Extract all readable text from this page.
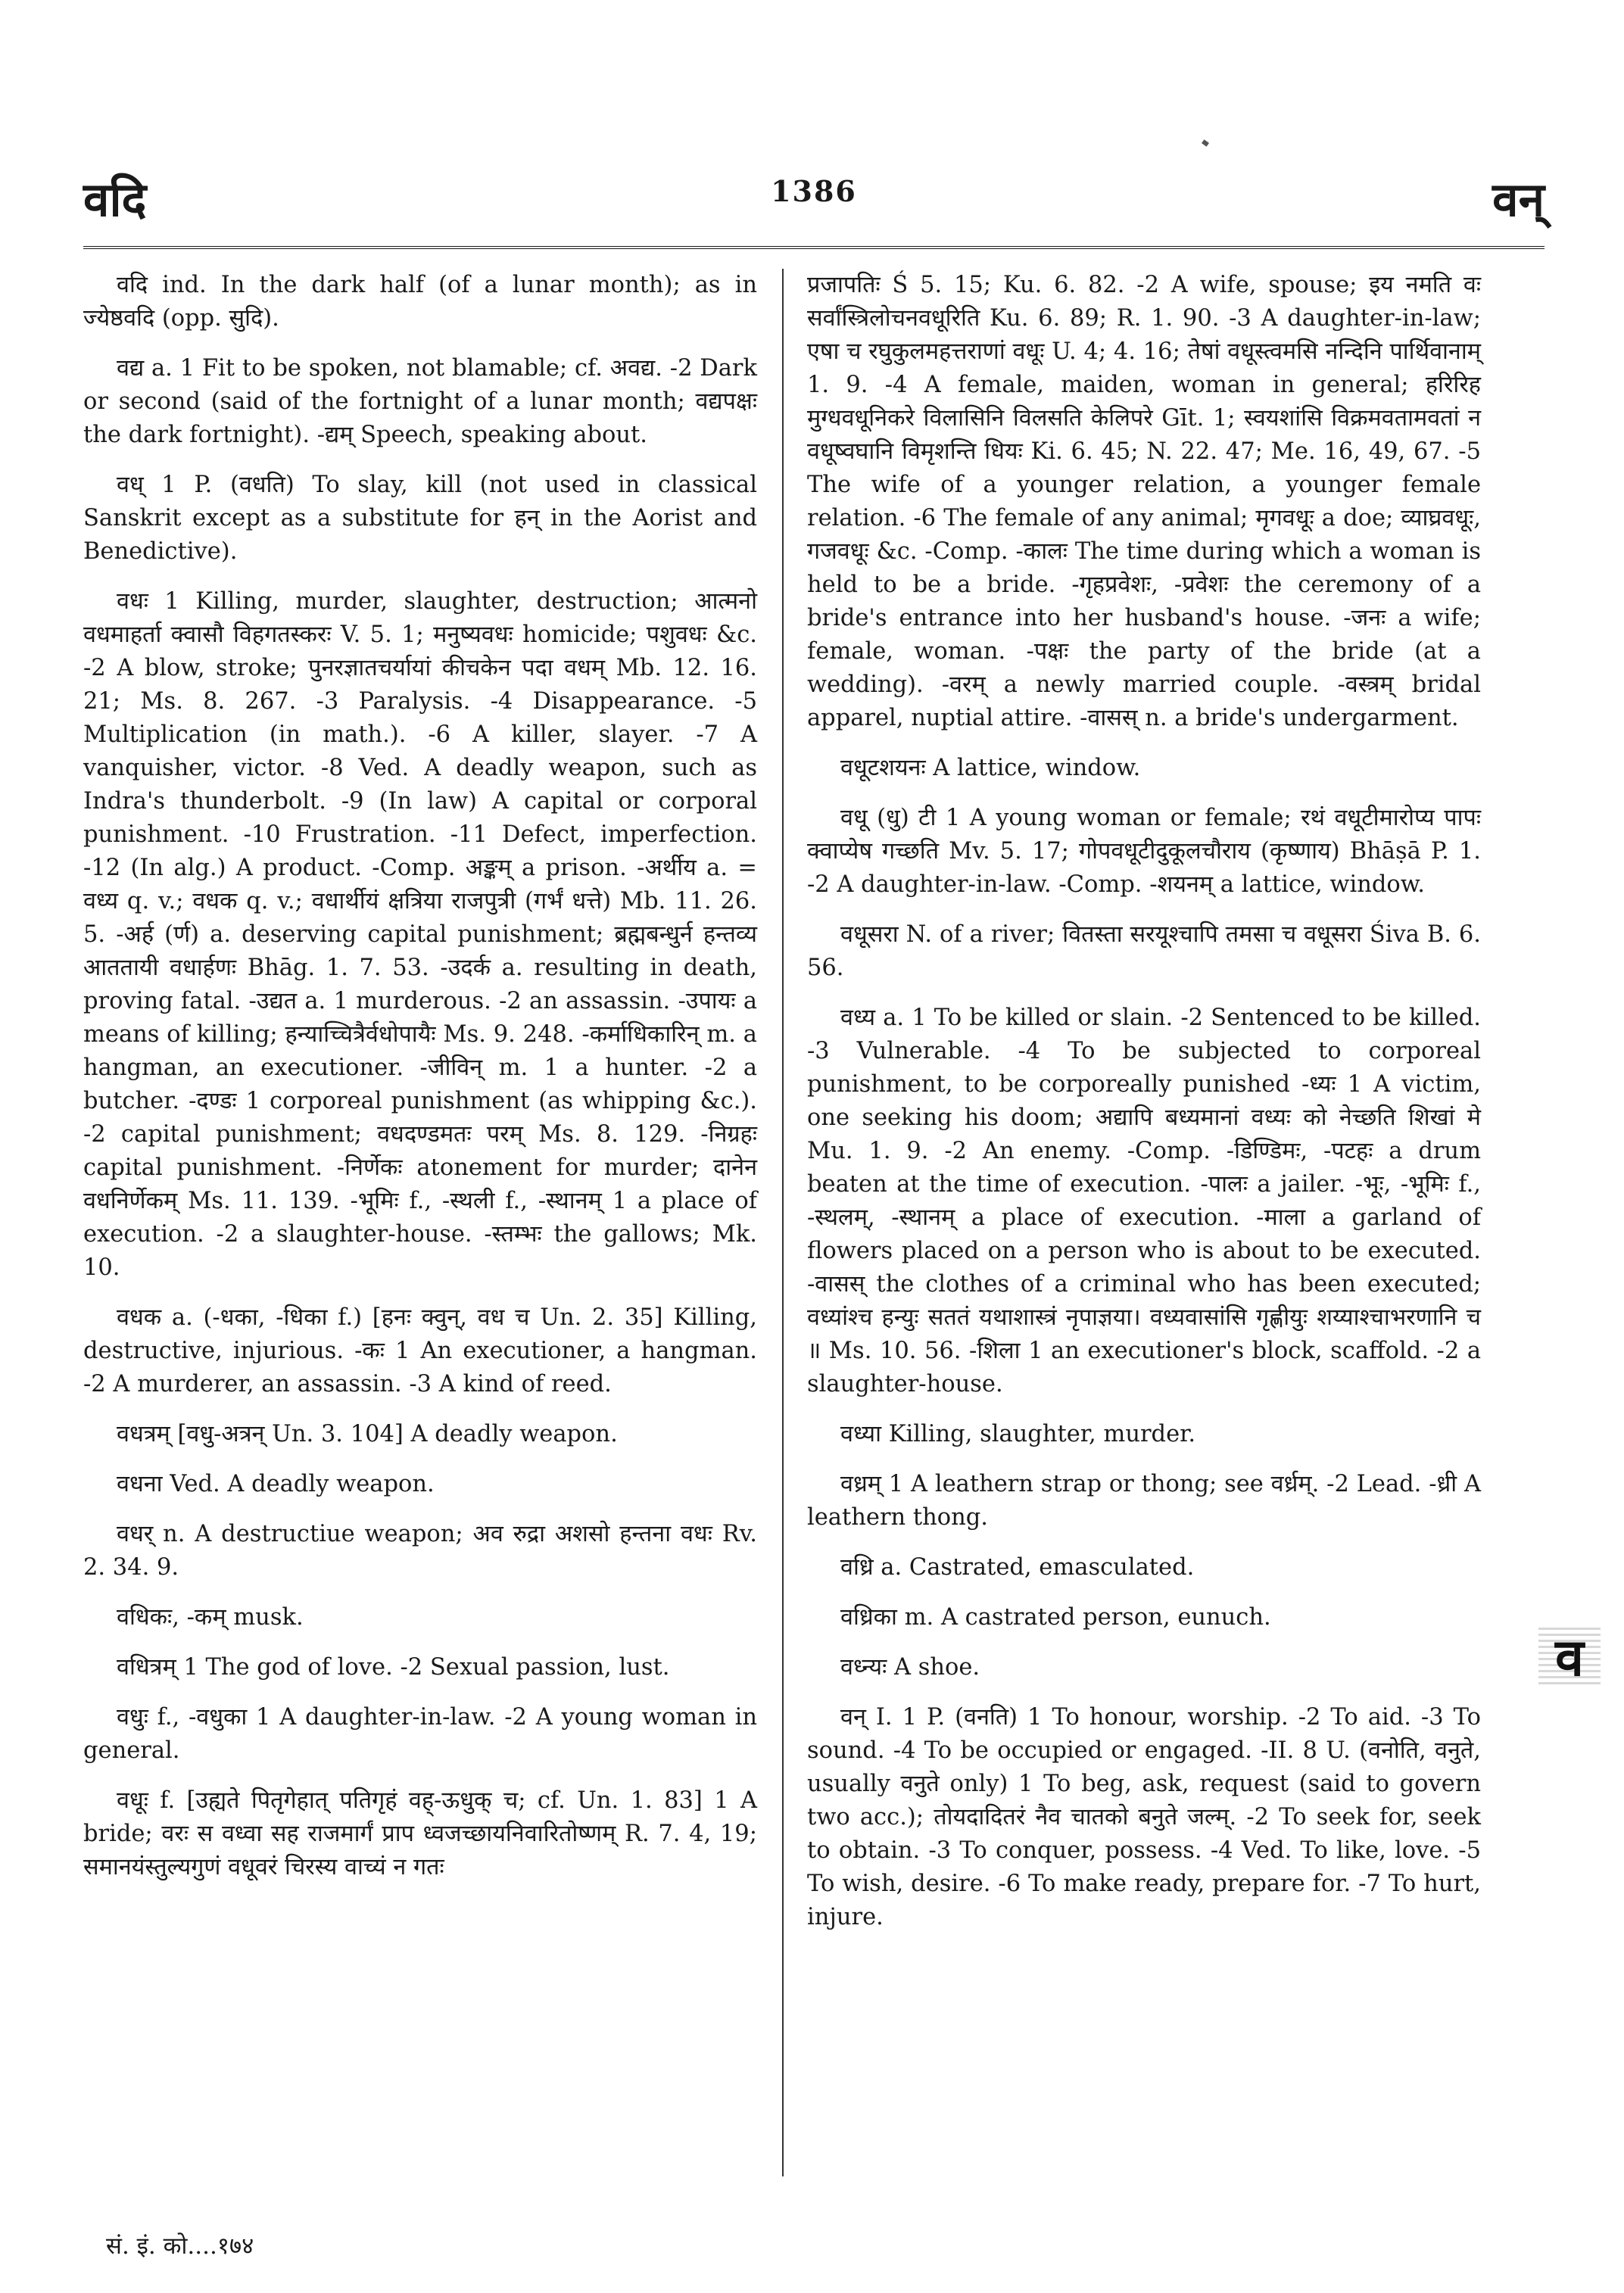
वदि	1386	वन्

वदि ind. In the dark half (of a lunar month); as in ज्येष्ठवदि (opp. सुदि).

वद्य a. 1 Fit to be spoken, not blamable; cf. अवद्य. -2 Dark or second (said of the fortnight of a lunar month; वद्यपक्षः the dark fortnight). -द्यम् Speech, speaking about.

वध् 1 P. (वधति) To slay, kill (not used in classical Sanskrit except as a substitute for हन् in the Aorist and Benedictive).

वधः 1 Killing, murder, slaughter, destruction; आत्मनो वधमाहर्ता क्वासौ विहगतस्करः V. 5. 1; मनुष्यवधः homicide; पशुवधः &c. -2 A blow, stroke; पुनरज्ञातचर्यायां कीचकेन पदा वधम् Mb. 12. 16. 21; Ms. 8. 267. -3 Paralysis. -4 Disappearance. -5 Multiplication (in math.). -6 A killer, slayer. -7 A vanquisher, victor. -8 Ved. A deadly weapon, such as Indra's thunderbolt. -9 (In law) A capital or corporal punishment. -10 Frustration. -11 Defect, imperfection. -12 (In alg.) A product. -Comp. अङ्कम् a prison. -अर्थीय a. = वध्य q. v.; वधक q. v.; वधार्थीयं क्षत्रिया राजपुत्री (गर्भं धत्ते) Mb. 11. 26. 5. -अर्ह (र्ण) a. deserving capital punishment; ब्रह्मबन्धुर्न हन्तव्य आततायी वधार्हणः Bhāg. 1. 7. 53. -उदर्क a. resulting in death, proving fatal. -उद्यत a. 1 murderous. -2 an assassin. -उपायः a means of killing; हन्याच्चित्रैर्वधोपायैः Ms. 9. 248. -कर्माधिकारिन् m. a hangman, an executioner. -जीविन् m. 1 a hunter. -2 a butcher. -दण्डः 1 corporeal punishment (as whipping &c.). -2 capital punishment; वधदण्डमतः परम् Ms. 8. 129. -निग्रहः capital punishment. -निर्णेकः atonement for murder; दानेन वधनिर्णेकम् Ms. 11. 139. -भूमिः f., -स्थली f., -स्थानम् 1 a place of execution. -2 a slaughter-house. -स्तम्भः the gallows; Mk. 10.

वधक a. (-धका, -धिका f.) [हनः क्वुन्, वध च Un. 2. 35] Killing, destructive, injurious. -कः 1 An executioner, a hangman. -2 A murderer, an assassin. -3 A kind of reed.

वधत्रम् [वधु-अत्रन् Un. 3. 104] A deadly weapon.

वधना Ved. A deadly weapon.

वधर् n. A destructiue weapon; अव रुद्रा अशसो हन्तना वधः Rv. 2. 34. 9.

वधिकः, -कम् musk.

वधित्रम् 1 The god of love. -2 Sexual passion, lust.

वधुः f., -वधुका 1 A daughter-in-law. -2 A young woman in general.

वधूः f. [उह्यते पितृगेहात् पतिगृहं वह्-ऊधुक् च; cf. Un. 1. 83] 1 A bride; वरः स वध्वा सह राजमार्गं प्राप ध्वजच्छायनिवारितोष्णम् R. 7. 4, 19; समानयंस्तुल्यगुणं वधूवरं चिरस्य वाच्यं न गतः

प्रजापतिः Ś 5. 15; Ku. 6. 82. -2 A wife, spouse; इय नमति वः सर्वांस्त्रिलोचनवधूरिति Ku. 6. 89; R. 1. 90. -3 A daughter-in-law; एषा च रघुकुलमहत्तराणां वधूः U. 4; 4. 16; तेषां वधूस्त्वमसि नन्दिनि पार्थिवानाम् 1. 9. -4 A female, maiden, woman in general; हरिरिह मुग्धवधूनिकरे विलासिनि विलसति केलिपरे Gīt. 1; स्वयशांसि विक्रमवतामवतां न वधूष्वघानि विमृशन्ति धियः Ki. 6. 45; N. 22. 47; Me. 16, 49, 67. -5 The wife of a younger relation, a younger female relation. -6 The female of any animal; मृगवधूः a doe; व्याघ्रवधूः, गजवधूः &c. -Comp. -कालः The time during which a woman is held to be a bride. -गृहप्रवेशः, -प्रवेशः the ceremony of a bride's entrance into her husband's house. -जनः a wife; female, woman. -पक्षः the party of the bride (at a wedding). -वरम् a newly married couple. -वस्त्रम् bridal apparel, nuptial attire. -वासस् n. a bride's undergarment.

वधूटशयनः A lattice, window.

वधू (धु) टी 1 A young woman or female; रथं वधूटीमारोप्य पापः क्वाप्येष गच्छति Mv. 5. 17; गोपवधूटीदुकूलचौराय (कृष्णाय) Bhāṣā P. 1. -2 A daughter-in-law. -Comp. -शयनम् a lattice, window.

वधूसरा N. of a river; वितस्ता सरयूश्चापि तमसा च वधूसरा Śiva B. 6. 56.

वध्य a. 1 To be killed or slain. -2 Sentenced to be killed. -3 Vulnerable. -4 To be subjected to corporeal punishment, to be corporeally punished -ध्यः 1 A victim, one seeking his doom; अद्यापि बध्यमानां वध्यः को नेच्छति शिखां मे Mu. 1. 9. -2 An enemy. -Comp. -डिण्डिमः, -पटहः a drum beaten at the time of execution. -पालः a jailer. -भूः, -भूमिः f., -स्थलम्, -स्थानम् a place of execution. -माला a garland of flowers placed on a person who is about to be executed. -वासस् the clothes of a criminal who has been executed; वध्यांश्च हन्युः सततं यथाशास्त्रं नृपाज्ञया। वध्यवासांसि गृह्णीयुः शय्याश्चाभरणानि च ॥ Ms. 10. 56. -शिला 1 an executioner's block, scaffold. -2 a slaughter-house.

वध्या Killing, slaughter, murder.

वध्रम् 1 A leathern strap or thong; see वर्ध्रम्. -2 Lead. -ध्री A leathern thong.

वध्रि a. Castrated, emasculated.

वध्रिका m. A castrated person, eunuch.

वध्न्यः A shoe.

वन् I. 1 P. (वनति) 1 To honour, worship. -2 To aid. -3 To sound. -4 To be occupied or engaged. -II. 8 U. (वनोति, वनुते, usually वनुते only) 1 To beg, ask, request (said to govern two acc.); तोयदादितरं नैव चातको बनुते जल्म्. -2 To seek for, seek to obtain. -3 To conquer, possess. -4 Ved. To like, love. -5 To wish, desire. -6 To make ready, prepare for. -7 To hurt, injure.

सं. इं. को....१७४
व
